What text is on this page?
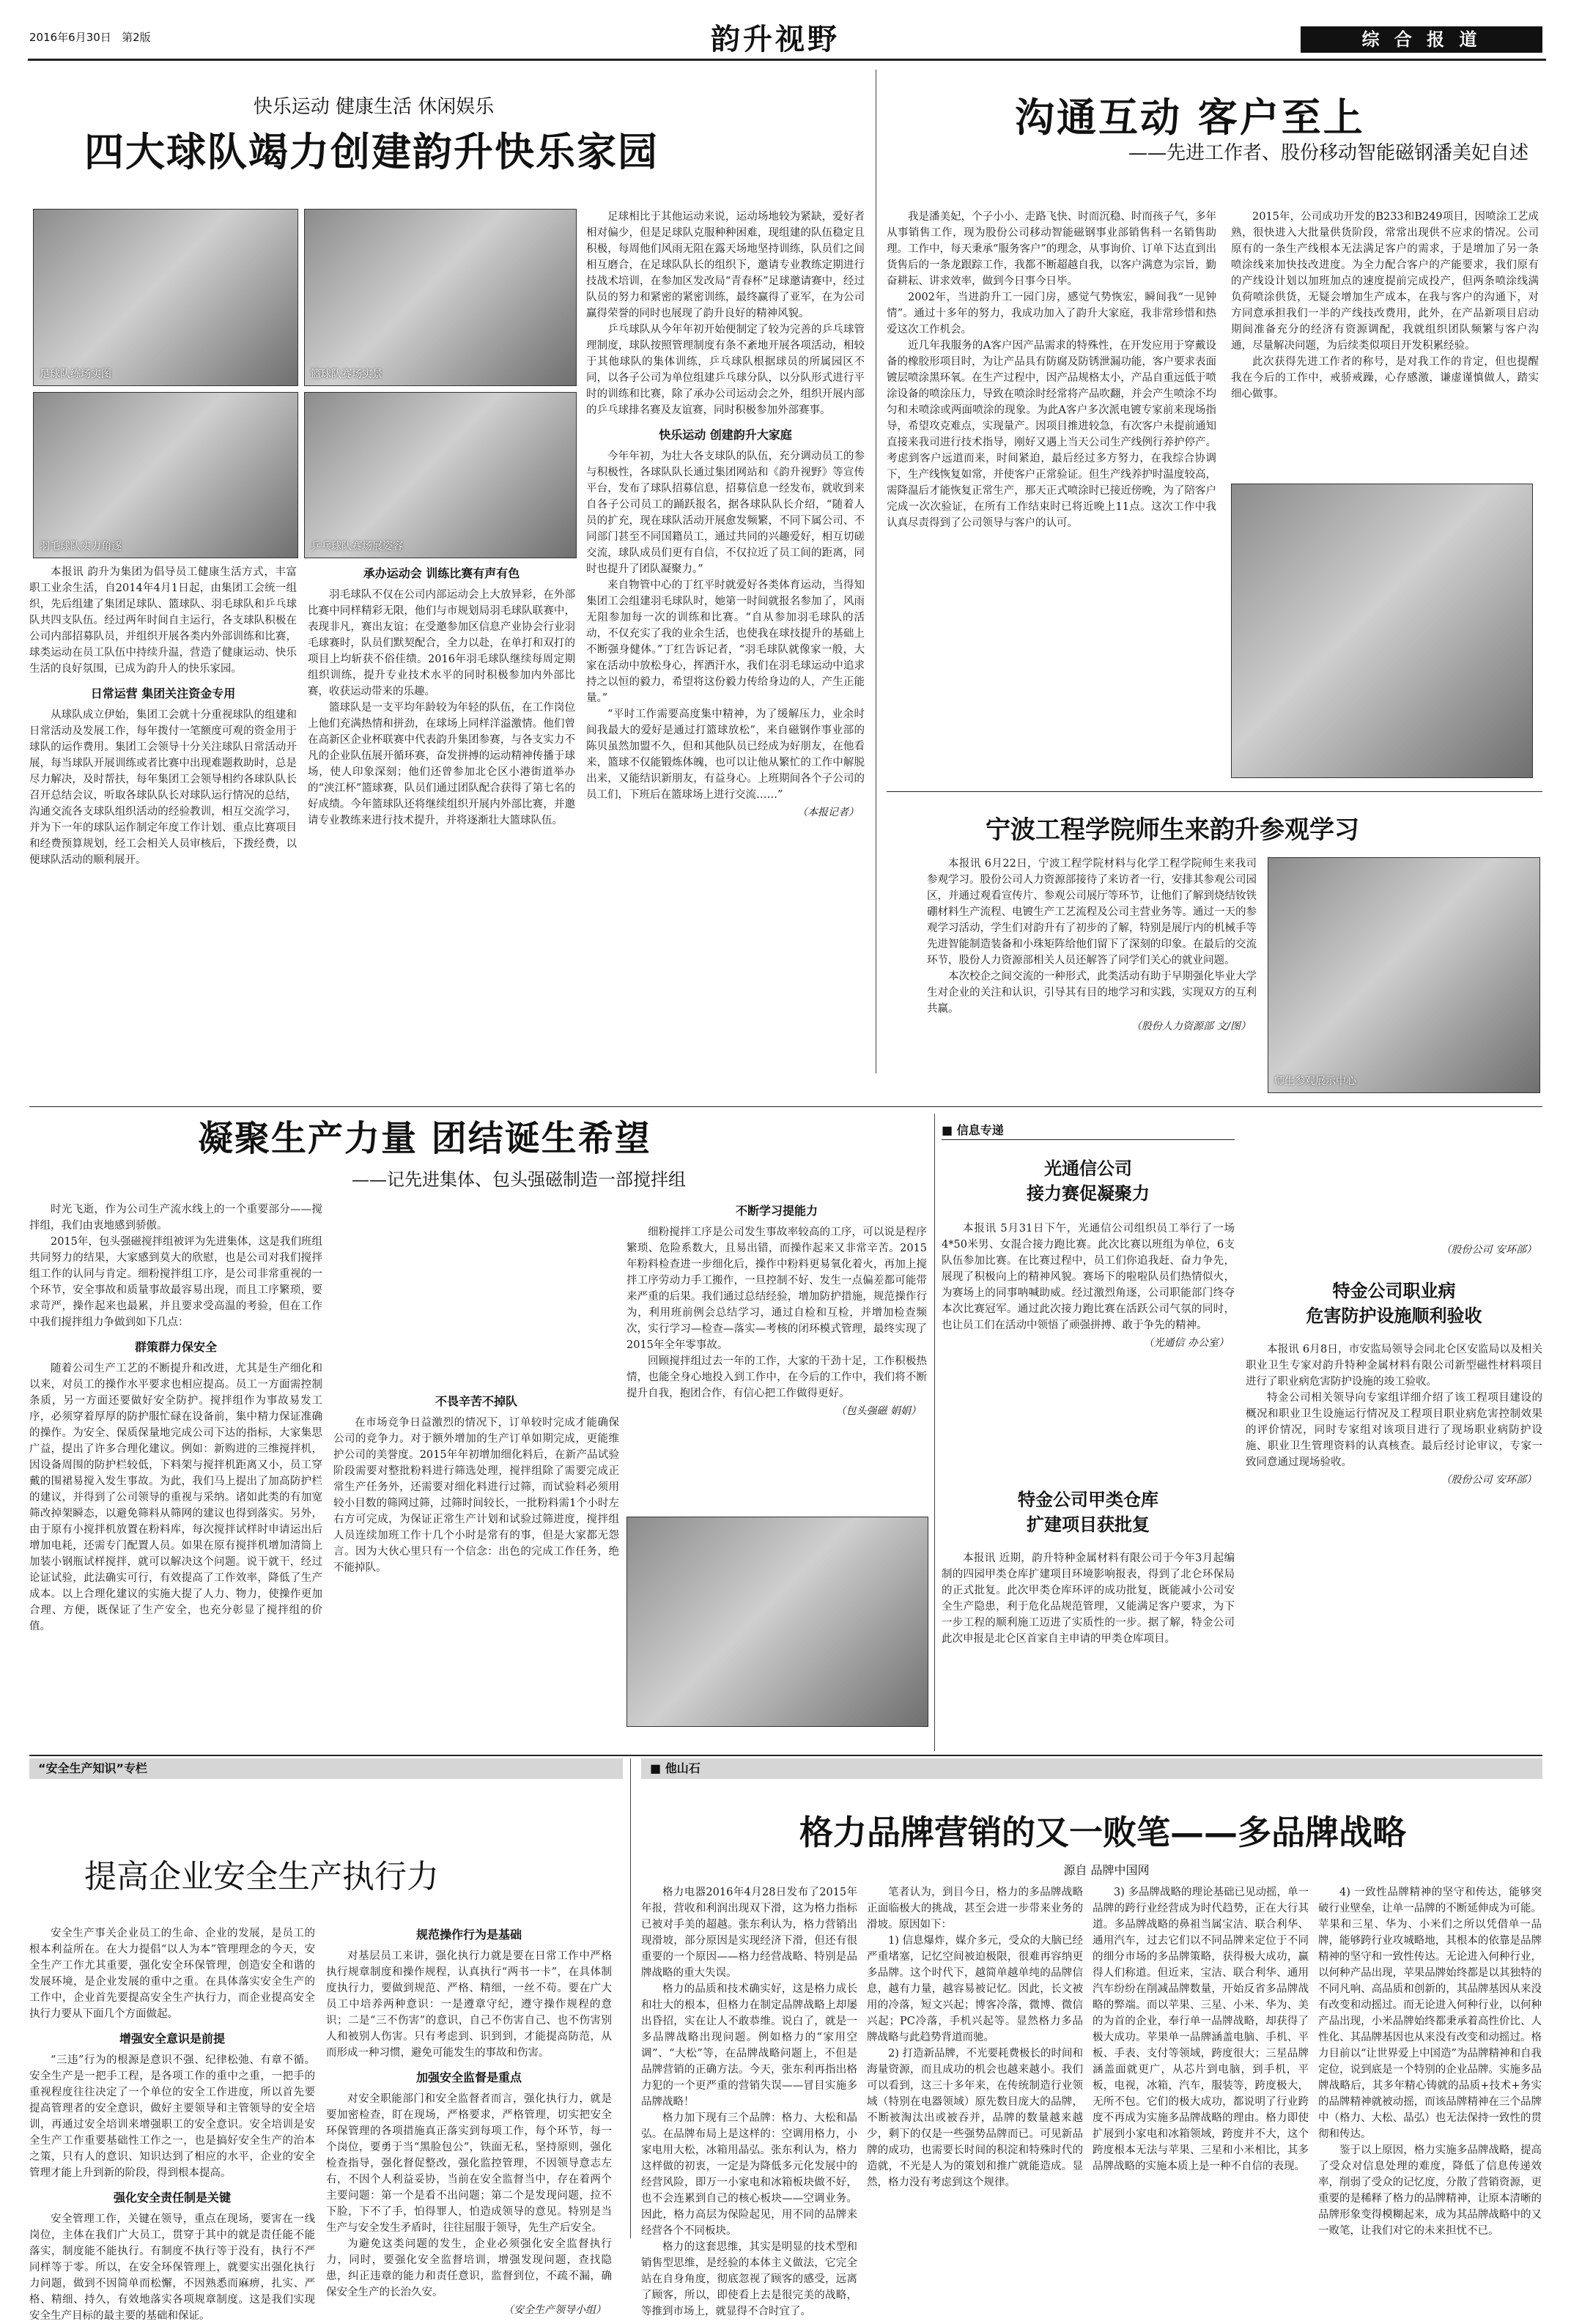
2016年6月30日 第2版	韵升视野	综 合 报 道
快乐运动 健康生活 休闲娱乐
四大球队竭力创建韵升快乐家园
足球队练场实图	篮球队赛场实景
羽毛球队实力角逐	乒乓球队赛场展姿容

本报讯 韵升为集团为倡导员工健康生活方式，丰富职工业余生活，自2014年4月1日起，由集团工会统一组织，先后组建了集团足球队、篮球队、羽毛球队和乒乓球队共四支队伍。经过两年时间自主运行，各支球队积极在公司内部招募队员，并组织开展各类内外部训练和比赛，球类运动在员工队伍中持续升温，营造了健康运动、快乐生活的良好氛围，已成为韵升人的快乐家园。

日常运营 集团关注资金专用

从球队成立伊始，集团工会就十分重视球队的组建和日常活动及发展工作，每年拨付一笔额度可观的资金用于球队的运作费用。集团工会领导十分关注球队日常活动开展，每当球队开展训练或者比赛中出现难题救助时，总是尽力解决，及时帮扶，每年集团工会领导相约各球队队长召开总结会议，听取各球队队长对球队运行情况的总结，沟通交流各支球队组织活动的经验教训，相互交流学习，并为下一年的球队运作制定年度工作计划、重点比赛项目和经费预算规划，经工会相关人员审核后，下拨经费，以便球队活动的顺利展开。

承办运动会 训练比赛有声有色

羽毛球队不仅在公司内部运动会上大放异彩，在外部比赛中同样精彩无限，他们与市规划局羽毛球队联赛中，表现非凡，赛出友谊；在受邀参加区信息产业协会行业羽毛球赛时，队员们默契配合，全力以赴，在单打和双打的项目上均斩获不俗佳绩。2016年羽毛球队继续每周定期组织训练，提升专业技术水平的同时积极参加内外部比赛，收获运动带来的乐趣。

篮球队是一支平均年龄较为年轻的队伍，在工作岗位上他们充满热情和拼劲，在球场上同样洋溢激情。他们曾在高新区企业杯联赛中代表韵升集团参赛，与各支实力不凡的企业队伍展开循环赛，奋发拼搏的运动精神传播于球场，使人印象深刻；他们还曾参加北仑区小港街道举办的“浃江杯”篮球赛，队员们通过团队配合获得了第七名的好成绩。今年篮球队还将继续组织开展内外部比赛，并邀请专业教练来进行技术提升，并将逐渐壮大篮球队伍。

足球相比于其他运动来说，运动场地较为紧缺，爱好者相对偏少，但是足球队克服种种困难，现组建的队伍稳定且积极，每周他们风雨无阻在露天场地坚持训练，队员们之间相互磨合，在足球队队长的组织下，邀请专业教练定期进行技战术培训，在参加区发改局“青春杯”足球邀请赛中，经过队员的努力和紧密的紧密训练，最终赢得了亚军，在为公司赢得荣誉的同时也展现了韵升良好的精神风貌。

乒乓球队从今年年初开始便制定了较为完善的乒乓球管理制度，球队按照管理制度有条不紊地开展各项活动，相较于其他球队的集体训练，乒乓球队根据球员的所属园区不同，以各子公司为单位组建乒乓球分队，以分队形式进行平时的训练和比赛，除了承办公司运动会之外，组织开展内部的乒乓球排名赛及友谊赛，同时积极参加外部赛事。

快乐运动 创建韵升大家庭

今年年初，为壮大各支球队的队伍，充分调动员工的参与积极性，各球队队长通过集团网站和《韵升视野》等宣传平台，发布了球队招募信息，招募信息一经发布，就收到来自各子公司员工的踊跃报名，据各球队队长介绍，“随着人员的扩充，现在球队活动开展愈发频繁，不同下属公司、不同部门甚至不同国籍员工，通过共同的兴趣爱好，相互切磋交流，球队成员们更有自信，不仅拉近了员工间的距离，同时也提升了团队凝聚力。”

来自物管中心的丁红平时就爱好各类体育运动，当得知集团工会组建羽毛球队时，她第一时间就报名参加了，风雨无阻参加每一次的训练和比赛。“自从参加羽毛球队的活动，不仅充实了我的业余生活，也使我在球技提升的基础上不断强身健体。”丁红告诉记者，“羽毛球队就像家一般，大家在活动中放松身心，挥洒汗水，我们在羽毛球运动中追求持之以恒的毅力，希望将这份毅力传给身边的人，产生正能量。”

“平时工作需要高度集中精神，为了缓解压力，业余时间我最大的爱好是通过打篮球放松”，来自磁钢作事业部的陈贝虽然加盟不久，但和其他队员已经成为好朋友，在他看来，篮球不仅能锻炼体魄，也可以让他从繁忙的工作中解脱出来，又能结识新朋友，有益身心。上班期间各个子公司的员工们，下班后在篮球场上进行交流……”

（本报记者）
沟通互动 客户至上
——先进工作者、股份移动智能磁钢潘美妃自述

我是潘美妃，个子小小、走路飞快、时而沉稳、时而孩子气，多年从事销售工作，现为股份公司移动智能磁钢事业部销售科一名销售助理。工作中，每天秉承“服务客户”的理念，从事询价、订单下达直到出货售后的一条龙跟踪工作，我都不断超越自我，以客户满意为宗旨，勤奋耕耘、讲求效率，做到今日事今日毕。

2002年，当进韵升工一园门房，感觉气势恢宏，瞬间我“一见钟情”。通过十多年的努力，我成功加入了韵升大家庭，我非常珍惜和热爱这次工作机会。

近几年我服务的A客户因产品需求的特殊性，在开发应用于穿戴设备的橡胶形项目时，为让产品具有防腐及防锈泄漏功能，客户要求表面镀层喷涂黑环氧。在生产过程中，因产品规格太小，产品自重远低于喷涂设备的喷涂压力，导致在喷涂时经常将产品吹翻，并会产生喷涂不均匀和未喷涂或两面喷涂的现象。为此A客户多次派电镀专家前来现场指导，希望攻克难点，实现量产。因项目推进较急，有次客户未提前通知直接来我司进行技术指导，刚好又遇上当天公司生产线例行养护停产。考虑到客户远道而来，时间紧迫，最后经过多方努力，在我综合协调下，生产线恢复如常，并使客户正常验证。但生产线养护时温度较高，需降温后才能恢复正常生产，那天正式喷涂时已接近傍晚，为了陪客户完成一次次验证，在所有工作结束时已将近晚上11点。这次工作中我认真尽责得到了公司领导与客户的认可。

2015年，公司成功开发的B233和B249项目，因喷涂工艺成熟，很快进入大批量供货阶段，常常出现供不应求的情况。公司原有的一条生产线根本无法满足客户的需求，于是增加了另一条喷涂线来加快技改进度。为全力配合客户的产能要求，我们原有的产线设计划以加班加点的速度提前完成投产，但两条喷涂线满负荷喷涂供货，无疑会增加生产成本，在我与客户的沟通下，对方同意承担我们一半的产线技改费用，此外，在产品新项目启动期间准备充分的经济有资源调配，我就组织团队频繁与客户沟通，尽量解决问题，为后续类似项目开发积累经验。

此次获得先进工作者的称号，是对我工作的肯定，但也提醒我在今后的工作中，戒骄戒躁，心存感激，谦虚谨慎做人，踏实细心做事。

宁波工程学院师生来韵升参观学习

本报讯 6月22日，宁波工程学院材料与化学工程学院师生来我司参观学习。股份公司人力资源部接待了来访者一行，安排其参观公司园区，并通过观看宣传片、参观公司展厅等环节，让他们了解到烧结钕铁硼材料生产流程、电镀生产工艺流程及公司主营业务等。通过一天的参观学习活动，学生们对韵升有了初步的了解，特别是展厅内的机械手等先进智能制造装备和小珠矩阵给他们留下了深刻的印象。在最后的交流环节，股份人力资源部相关人员还解答了同学们关心的就业问题。

本次校企之间交流的一种形式，此类活动有助于早期强化毕业大学生对企业的关注和认识，引导其有目的地学习和实践，实现双方的互利共赢。

（股份人力资源部 文/图）
师生参观展示中心
凝聚生产力量 团结诞生希望
——记先进集体、包头强磁制造一部搅拌组

时光飞逝，作为公司生产流水线上的一个重要部分——搅拌组，我们由衷地感到骄傲。

2015年，包头强磁搅拌组被评为先进集体，这是我们班组共同努力的结果，大家感到莫大的欣慰，也是公司对我们搅拌组工作的认同与肯定。细粉搅拌组工序，是公司非常重视的一个环节，安全事故和质量事故最容易出现，而且工序繁琐，要求苛严，操作起来也最累，并且要求受高温的考验，但在工作中我们搅拌组力争做到如下几点：

群策群力保安全

随着公司生产工艺的不断提升和改进，尤其是生产细化和以来，对员工的操作水平要求也相应提高。员工一方面需控制条质，另一方面还要做好安全防护。搅拌组作为事故易发工序，必须穿着厚厚的防护服忙碌在设备前，集中精力保证准确的操作。为安全、保质保量地完成公司下达的指标，大家集思广益，提出了许多合理化建议。例如：新购进的三维搅拌机，因设备周围的防护栏较低，下料架与搅拌机距离又小，员工穿戴的围裙易搅入发生事故。为此，我们马上提出了加高防护栏的建议，并得到了公司领导的重视与采纳。诸如此类的有加宽筛改掉架瞬态，以避免筛料从筛网的建议也得到落实。另外，由于原有小搅拌机放置在粉料库，每次搅拌试样时申请运出后增加电耗，还需专门配置人员。如果在原有搅拌机增加清筒上加装小钢瓶试样搅拌，就可以解决这个问题。说干就干，经过论证试验，此法确实可行，有效提高了工作效率，降低了生产成本。以上合理化建议的实施大提了人力、物力，使操作更加合理、方便，既保证了生产安全，也充分彰显了搅拌组的价值。

不畏辛苦不掉队

在市场竞争日益激烈的情况下，订单较时完成才能确保公司的竞争力。对于额外增加的生产订单如期完成，更能维护公司的美誉度。2015年年初增加细化料后，在新产品试验阶段需要对整批粉料进行筛选处理，搅拌组除了需要完成正常生产任务外，还需要对细化料进行过筛，而试验料必须用较小目数的筛网过筛，过筛时间较长，一批粉料需1个小时左右方可完成，为保证正常生产计划和试验过筛进度，搅拌组人员连续加班工作十几个小时是常有的事，但是大家都无怨言。因为大伙心里只有一个信念：出色的完成工作任务，绝不能掉队。

不断学习提能力

细粉搅拌工序是公司发生事故率较高的工序，可以说是程序繁琐、危险系数大，且易出错，而操作起来又非常辛苦。2015年粉料检查进一步细化后，操作中粉料更易氧化着火，再加上搅拌工序劳动力手工搬作，一旦控制不好、发生一点偏差都可能带来严重的后果。我们通过总结经验，增加防护措施，规范操作行为，利用班前例会总结学习，通过自检和互检，并增加检查频次，实行学习—检查—落实—考核的闭环模式管理，最终实现了2015年全年零事故。

回顾搅拌组过去一年的工作，大家的干劲十足，工作积极热情，也能全身心地投入到工作中，在今后的工作中，我们将不断提升自我，抱团合作，有信心把工作做得更好。

（包头强磁 娟娟）
■ 信息专递
光通信公司
接力赛促凝聚力

本报讯 5月31日下午，光通信公司组织员工举行了一场4*50米男、女混合接力跑比赛。此次比赛以班组为单位，6支队伍参加比赛。在比赛过程中，员工们你追我赶、奋力争先，展现了积极向上的精神风貌。赛场下的啦啦队员们热情似火，为赛场上的同事呐喊助威。经过激烈角逐，公司职能部门终夺本次比赛冠军。通过此次接力跑比赛在活跃公司气氛的同时，也让员工们在活动中领悟了顽强拼搏、敢于争先的精神。

（光通信 办公室）
特金公司甲类仓库
扩建项目获批复

本报讯 近期，韵升特种金属材料有限公司于今年3月起编制的四园甲类仓库扩建项目环境影响报表，得到了北仑环保局的正式批复。此次甲类仓库环评的成功批复，既能减小公司安全生产隐患，利于危化品规范管理，又能满足客户要求，为下一步工程的顺利施工迈进了实质性的一步。据了解，特金公司此次申报是北仑区首家自主申请的甲类仓库项目。

（股份公司 安环部）
特金公司职业病
危害防护设施顺利验收

本报讯 6月8日，市安监局领导会同北仑区安监局以及相关职业卫生专家对韵升特种金属材料有限公司新型磁性材料项目进行了职业病危害防护设施的竣工验收。

特金公司相关领导向专家组详细介绍了该工程项目建设的概况和职业卫生设施运行情况及工程项目职业病危害控制效果的评价情况，同时专家组对该项目进行了现场职业病防护设施、职业卫生管理资料的认真核查。最后经讨论审议，专家一致同意通过现场验收。

（股份公司 安环部）
“安全生产知识”专栏
提高企业安全生产执行力

安全生产事关企业员工的生命、企业的发展，是员工的根本利益所在。在大力提倡“以人为本”管理理念的今天，安全生产工作尤其重要，强化安全环保管理，创造安全和谐的发展环境，是企业发展的重中之重。在具体落实安全生产的工作中，企业首先要提高安全生产执行力，而企业提高安全执行力要从下面几个方面做起。

增强安全意识是前提

“三违”行为的根源是意识不强、纪律松弛、有章不循。安全生产是一把手工程，是各项工作的重中之重，一把手的重视程度往往决定了一个单位的安全工作进度，所以首先要提高管理者的安全意识，做好主要领导和主管领导的安全培训，再通过安全培训来增强职工的安全意识。安全培训是安全生产工作重要基础性工作之一，也是搞好安全生产的治本之策，只有人的意识、知识达到了相应的水平，企业的安全管理才能上升到新的阶段，得到根本提高。

强化安全责任制是关键

安全管理工作，关键在领导，重点在现场，要害在一线岗位，主体在我们广大员工，贯穿于其中的就是责任能不能落实，制度能不能执行。有制度不执行等于没有，执行不严同样等于零。所以，在安全环保管理上，就要实出强化执行力问题，做到不因简单而松懈，不因熟悉而麻痹，扎实、严格、精细、持久，有效地落实各项规章制度。这是我们实现安全生产目标的最主要的基础和保证。

规范操作行为是基础

对基层员工来讲，强化执行力就是要在日常工作中严格执行规章制度和操作规程，认真执行“两书一卡”，在具体制度执行力，要做到规范、严格、精细，一丝不苟。要在广大员工中培养两种意识：一是遵章守纪，遵守操作规程的意识；二是“三不伤害”的意识，自己不伤害自己、也不伤害别人和被别人伤害。只有考虑到、识到到，才能提高防范，从而形成一种习惯，避免可能发生的事故和伤害。

加强安全监督是重点

对安全职能部门和安全监督者而言，强化执行力，就是要加密检查，盯在现场，严格要求，严格管理，切实把安全环保管理的各项措施真正落实到每项工作，每个环节，每一个岗位，要勇于当“黑脸包公”，铁面无私，坚持原则，强化检查指导，强化督促整改，强化监控管理，不因领导意志左右，不因个人利益妥协，当前在安全监督当中，存在着两个主要问题：第一个是看不出问题；第二个是发现问题，拉不下脸，下不了手，怕得罪人，怕造成领导的意见。特别是当生产与安全发生矛盾时，往往屈服于领导，先生产后安全。

为避免这类问题的发生，企业必须强化安全监督执行力，同时，要强化安全监督培训，增强发现问题，查找隐患，纠正违章的能力和责任意识，监督到位，不疏不漏，确保安全生产的长治久安。

（安全生产领导小组）
■ 他山石
格力品牌营销的又一败笔——多品牌战略
源自 品牌中国网

格力电器2016年4月28日发布了2015年年报，营收和利润出现双下滑，这为格力指标已被对手美的超越。张东利认为，格力营销出现滑坡，部分原因是实现经济下滑，但还有很重要的一个原因——格力经营战略、特别是品牌战略的重大失误。

格力的品质和技术确实好，这是格力成长和壮大的根本，但格力在制定品牌战略上却屡出昏招，实在让人不敢恭维。说白了，就是一多品牌战略出现问题。例如格力的“家用空调”、“大松”等，在品牌战略问题上，不但是品牌营销的正确方法。今天，张东利再指出格力犯的一个更严重的营销失误——冒目实施多品牌战略！

格力加下现有三个品牌：格力、大松和晶弘。在品牌布局上是这样的：空调用格力，小家电用大松，冰箱用晶弘。张东利认为，格力这样做的初衷，一定是为降低多元化发展中的经营风险，即万一小家电和冰箱板块做不好，也不会连累到自己的核心板块——空调业务。因此，格力高层为保险起见，用不同的品牌来经营各个不同板块。

格力的这套思维，其实是明显的技术型和销售型思维，是经验的本体主义做法，它完全站在自身角度，彻底忽视了顾客的感受，远离了顾客，所以，即使看上去是很完美的战略，等推到市场上，就显得不合时宜了。

笔者认为，到目今日，格力的多品牌战略正面临极大的挑战，甚至会进一步带来业务的滑坡。原因如下：

1) 信息爆炸，媒介多元，受众的大脑已经严重堵塞，记忆空间被迫极限，很难再容纳更多品牌。这个时代下，越简单越单纯的品牌信息，越有力量，越容易被记忆。因此，长文被用的冷落，短文兴起；博客冷落，微博、微信兴起；PC冷落，手机兴起等。显然格力多品牌战略与此趋势背道而驰。

2) 打造新品牌，不光要耗费极长的时间和海量资源，而且成功的机会也越来越小。我们可以看到，这三十多年来，在传统制造行业领域（特别在电器领域）原先数目庞大的品牌，不断被淘汰出或被吞并，品牌的数量越来越少，剩下的仅是一些强势品牌而已。可见新品牌的成功，也需要长时间的积淀和特殊时代的造就，不光是人为的策划和推广就能造成。显然，格力没有考虑到这个规律。

3) 多品牌战略的理论基础已见动摇，单一品牌的跨行业经营成为时代趋势，正在大行其道。多品牌战略的鼻祖当属宝洁、联合利华、通用汽车，过去它们以不同品牌来定位于不同的细分市场的多品牌策略，获得极大成功，赢得人们称道。但近来，宝洁、联合利华、通用汽车纷纷在削减品牌数量，开始反省多品牌战略的弊端。而以苹果、三星、小米、华为、美的为首的企业，奉行单一品牌战略，却获得了极大成功。苹果单一品牌涵盖电脑、手机、平板、手表、支付等领域，跨度很大；三星品牌涵盖面就更广，从芯片到电脑，到手机，平板，电视，冰箱，汽车，服装等，跨度极大，无所不包。它们的极大成功，都说明了行业跨度不再成为实施多品牌战略的理由。格力即使扩展到小家电和冰箱领域，跨度并不大，这个跨度根本无法与苹果、三星和小米相比，其多品牌战略的实施本质上是一种不自信的表现。

4) 一致性品牌精神的坚守和传达，能够突破行业壁垒，让单一品牌的不断延伸成为可能。苹果和三星、华为、小米们之所以凭借单一品牌，能够跨行业攻城略地，其根本的依靠是品牌精神的坚守和一致性传达。无论进入何种行业，以何种产品出现，苹果品牌始终都是以其独特的不同凡响、高品质和创新的，其品牌基因从来没有改变和动摇过。而无论进入何种行业，以何种产品出现，小米品牌始终都秉承着高性价比、人性化、其品牌基因也从来没有改变和动摇过。格力目前以“让世界爱上中国造”为品牌精神和自我定位，说到底是一个特别的企业品牌。实施多品牌战略后，其多年精心铸就的品质+技术+务实的品牌精神就被动摇，而该品牌精神在三个品牌中（格力、大松、晶弘）也无法保持一致性的贯彻和传达。

鉴于以上原因，格力实施多品牌战略，提高了受众对信息处理的难度，降低了信息传递效率，削弱了受众的记忆度，分散了营销资源，更重要的是稀释了格力的品牌精神，让原本清晰的品牌形象变得模糊起来，成为其品牌战略中的又一败笔，让我们对它的未来担忧不已。
